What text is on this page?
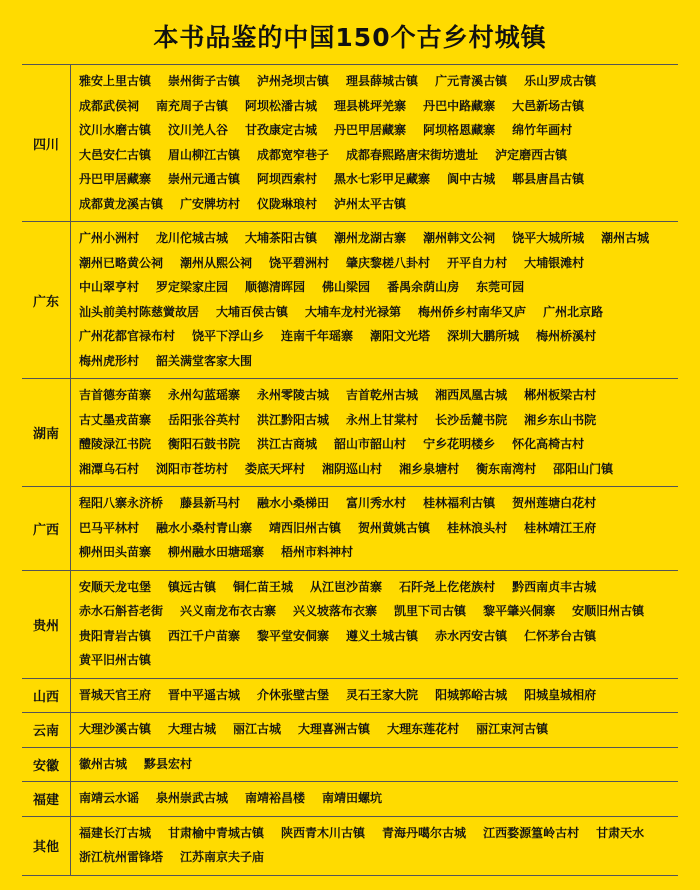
本书品鉴的中国150个古乡村城镇
四川
雅安上里古镇 崇州街子古镇 泸州尧坝古镇 理县薛城古镇 广元青溪古镇 乐山罗成古镇
成都武侯祠 南充周子古镇 阿坝松潘古城 理县桃坪羌寨 丹巴中路藏寨 大邑新场古镇
汶川水磨古镇 汶川羌人谷 甘孜康定古城 丹巴甲居藏寨 阿坝格恩藏寨 绵竹年画村
大邑安仁古镇 眉山柳江古镇 成都宽窄巷子 成都春熙路唐宋街坊遗址 泸定磨西古镇
丹巴甲居藏寨 崇州元通古镇 阿坝西索村 黑水七彩甲足藏寨 阆中古城 郫县唐昌古镇
成都黄龙溪古镇 广安牌坊村 仪陇琳琅村 泸州太平古镇
广东
广州小洲村 龙川佗城古城 大埔茶阳古镇 潮州龙湖古寨 潮州韩文公祠 饶平大城所城 潮州古城
潮州已略黄公祠 潮州从熙公祠 饶平碧洲村 肇庆黎槎八卦村 开平自力村 大埔银滩村
中山翠亨村 罗定梁家庄园 顺德清晖园 佛山梁园 番禺余荫山房 东莞可园
汕头前美村陈慈黉故居 大埔百侯古镇 大埔车龙村光禄第 梅州侨乡村南华又庐 广州北京路
广州花都官禄布村 饶平下浮山乡 连南千年瑶寨 潮阳文光塔 深圳大鹏所城 梅州桥溪村
梅州虎形村 韶关满堂客家大围
湖南
吉首德夯苗寨 永州勾蓝瑶寨 永州零陵古城 吉首乾州古城 湘西凤凰古城 郴州板梁古村
古丈墨戎苗寨 岳阳张谷英村 洪江黔阳古城 永州上甘棠村 长沙岳麓书院 湘乡东山书院
醴陵渌江书院 衡阳石鼓书院 洪江古商城 韶山市韶山村 宁乡花明楼乡 怀化高椅古村
湘潭乌石村 浏阳市苍坊村 娄底天坪村 湘阴巡山村 湘乡泉塘村 衡东南湾村 邵阳山门镇
广西
程阳八寨永济桥 藤县新马村 融水小桑梯田 富川秀水村 桂林福利古镇 贺州莲塘白花村
巴马平林村 融水小桑村青山寨 靖西旧州古镇 贺州黄姚古镇 桂林浪头村 桂林靖江王府
柳州田头苗寨 柳州融水田塘瑶寨 梧州市料神村
贵州
安顺天龙屯堡 镇远古镇 铜仁苗王城 从江岜沙苗寨 石阡尧上仡佬族村 黔西南贞丰古城
赤水石斛苔老街 兴义南龙布衣古寨 兴义坡落布衣寨 凯里下司古镇 黎平肇兴侗寨 安顺旧州古镇
贵阳青岩古镇 西江千户苗寨 黎平堂安侗寨 遵义土城古镇 赤水丙安古镇 仁怀茅台古镇
黄平旧州古镇
山西	晋城天官王府 晋中平遥古城 介休张壁古堡 灵石王家大院 阳城郭峪古城 阳城皇城相府
云南	大理沙溪古镇 大理古城 丽江古城 大理喜洲古镇 大理东莲花村 丽江束河古镇
安徽	徽州古城 黟县宏村
福建	南靖云水谣 泉州崇武古城 南靖裕昌楼 南靖田螺坑
其他
福建长汀古城 甘肃榆中青城古镇 陕西青木川古镇 青海丹噶尔古城 江西婺源篁岭古村 甘肃天水
浙江杭州雷锋塔 江苏南京夫子庙
